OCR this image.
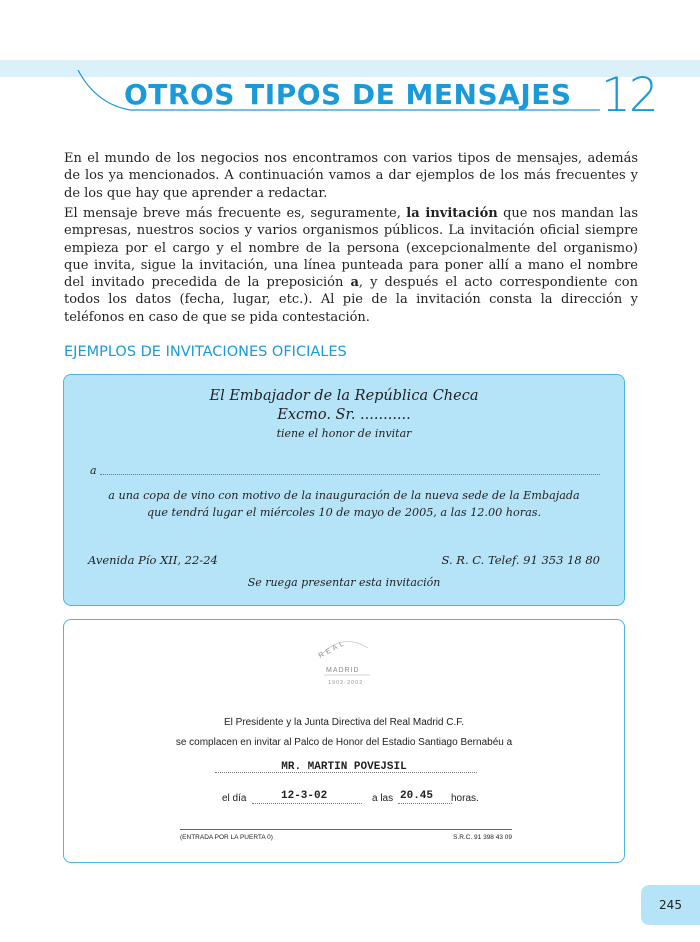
OTROS TIPOS DE MENSAJES 12

En el mundo de los negocios nos encontramos con varios tipos de mensajes, además de los ya mencionados. A continuación vamos a dar ejemplos de los más frecuentes y de los que hay que aprender a redactar.

El mensaje breve más frecuente es, seguramente, la invitación que nos mandan las empresas, nuestros socios y varios organismos públicos. La invitación oficial siempre empieza por el cargo y el nombre de la persona (excepcionalmente del organismo) que invita, sigue la invitación, una línea punteada para poner allí a mano el nombre del invitado precedida de la preposición a, y después el acto correspondiente con todos los datos (fecha, lugar, etc.). Al pie de la invitación consta la dirección y teléfonos en caso de que se pida contestación.

EJEMPLOS DE INVITACIONES OFICIALES
El Embajador de la República Checa
Excmo. Sr. ...........
tiene el honor de invitar
a
a una copa de vino con motivo de la inauguración de la nueva sede de la Embajada
que tendrá lugar el miércoles 10 de mayo de 2005, a las 12.00 horas.
Avenida Pío XII, 22-24	S. R. C. Telef. 91 353 18 80
Se ruega presentar esta invitación
REAL
MADRID
1902-2002
El Presidente y la Junta Directiva del Real Madrid C.F.
se complacen en invitar al Palco de Honor del Estadio Santiago Bernabéu a
MR. MARTIN POVEJSIL
el día	12-3-02	a las 20.45 horas.
(ENTRADA POR LA PUERTA 0)	S.R.C. 91 398 43 09
245
